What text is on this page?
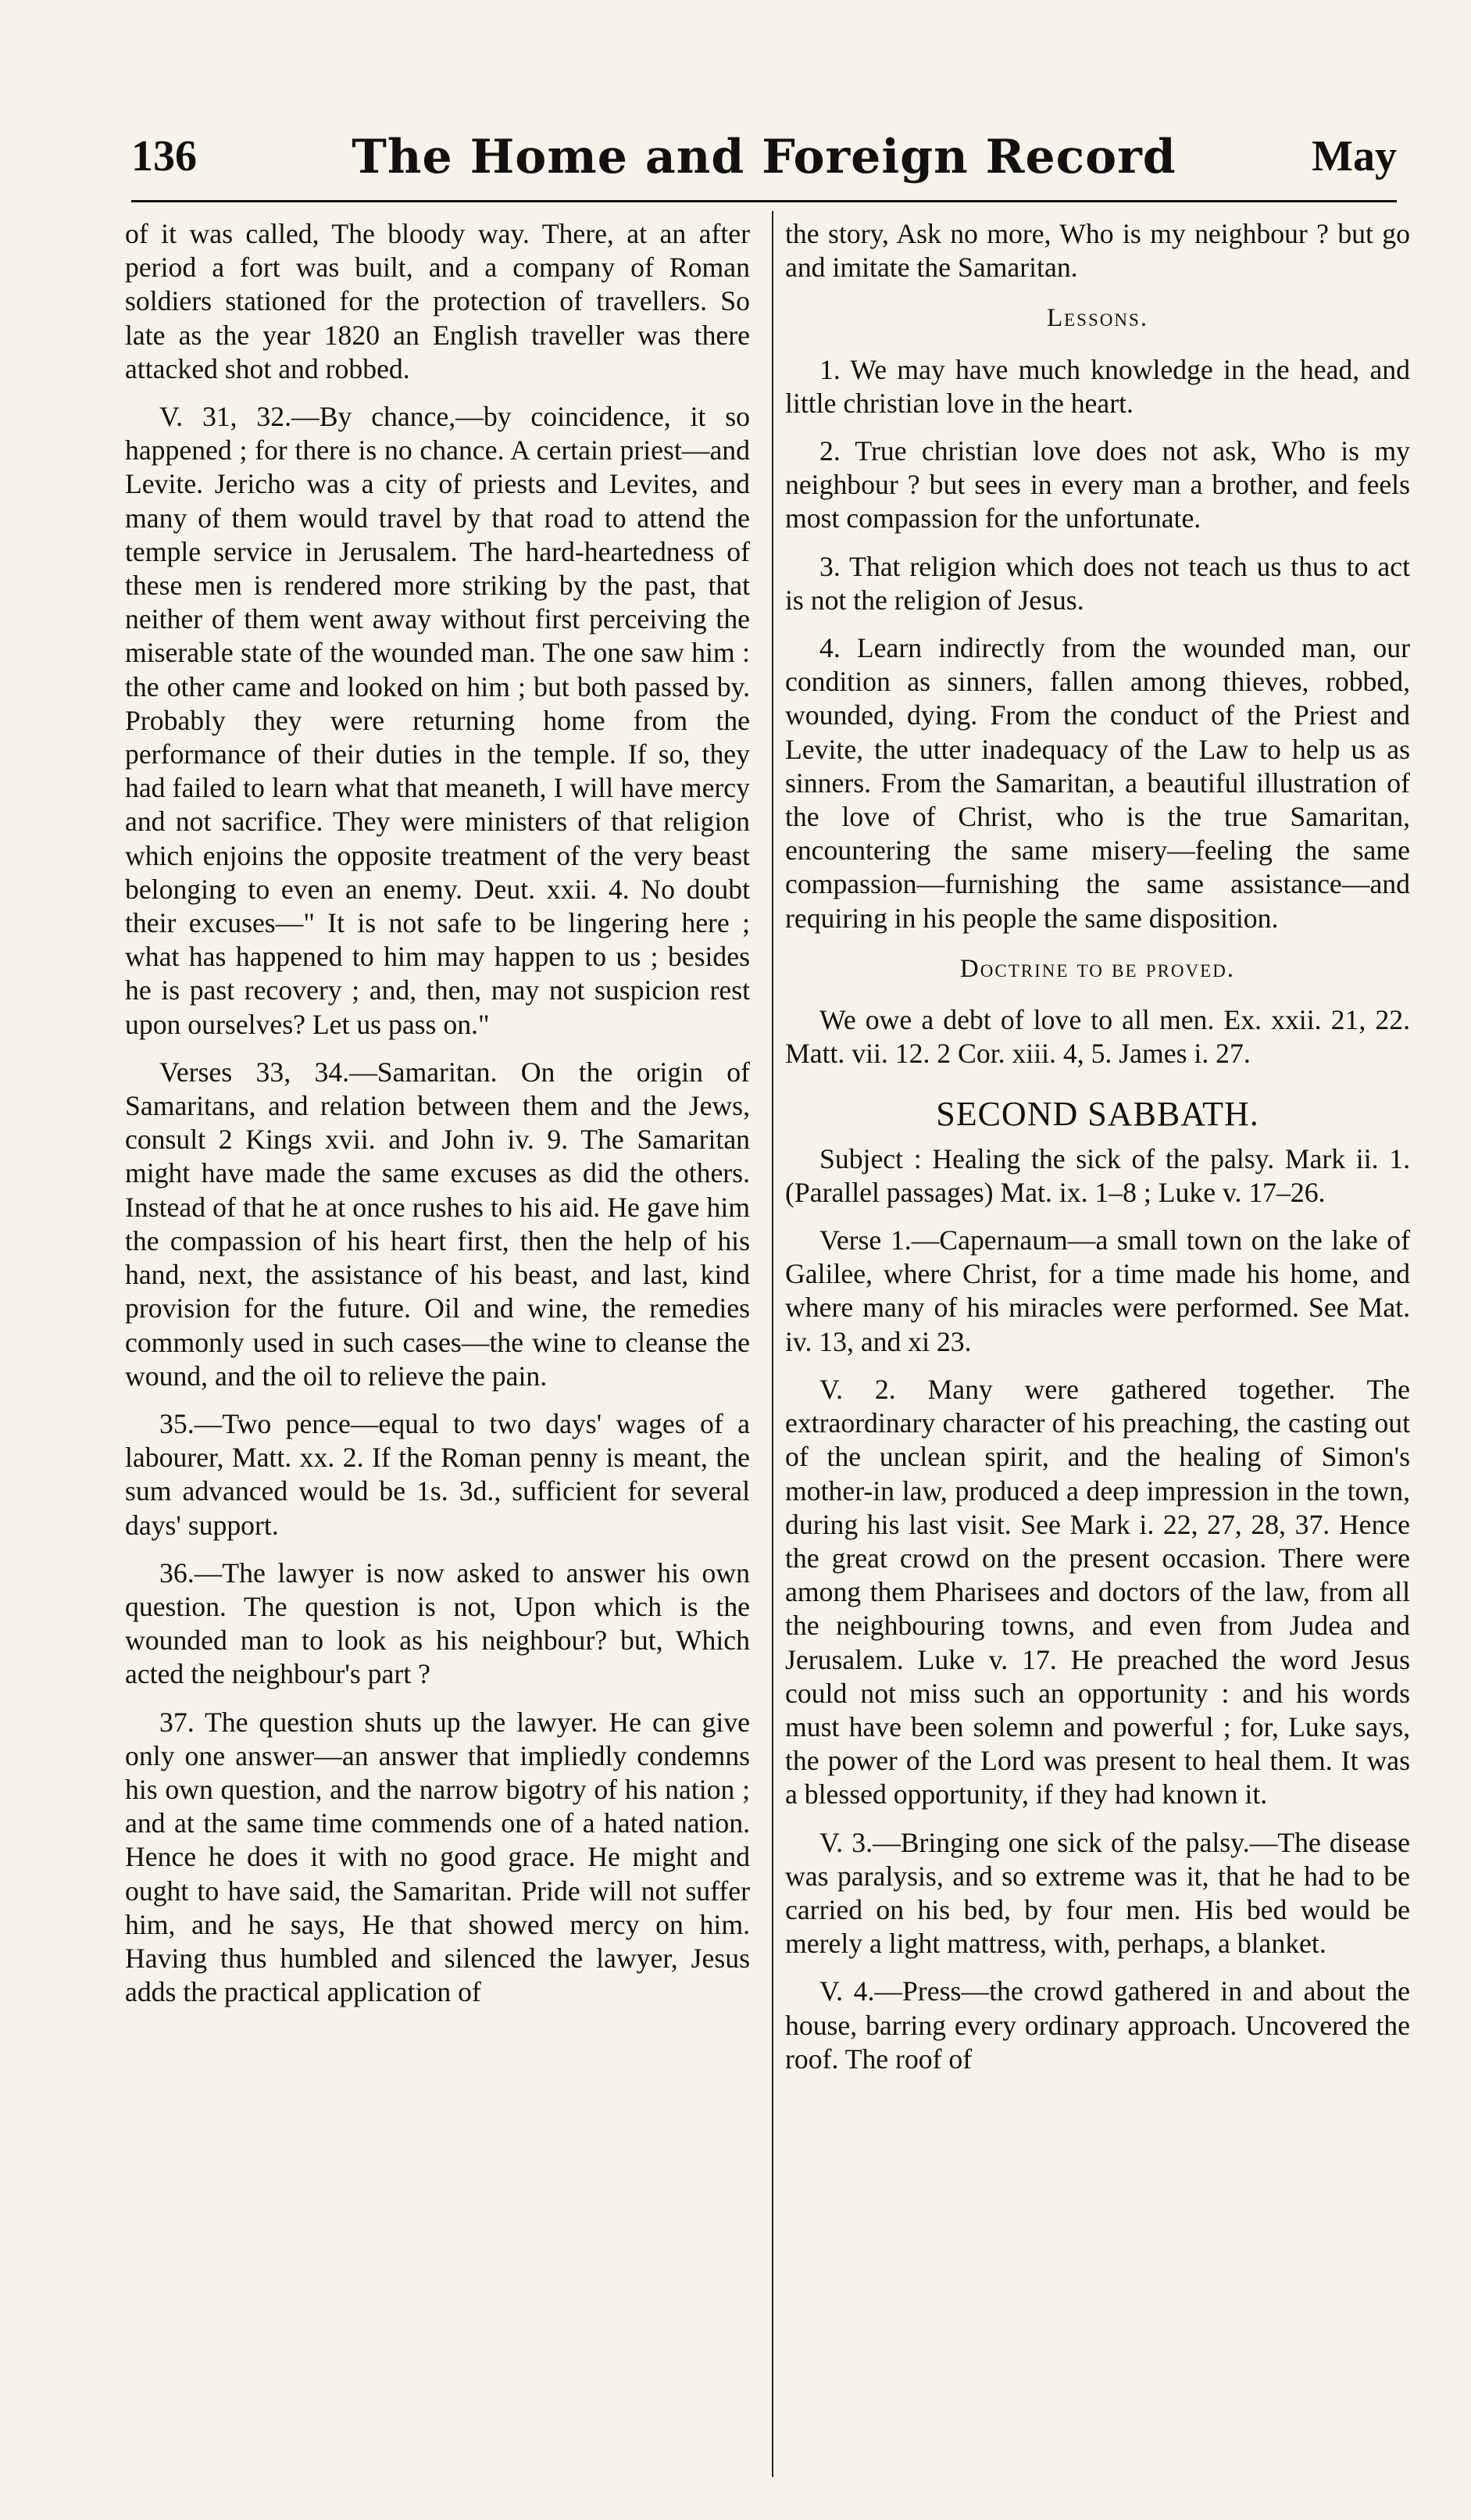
136	The Home and Foreign Record	May

of it was called, The bloody way. There, at an after period a fort was built, and a company of Roman soldiers stationed for the protection of travellers. So late as the year 1820 an English traveller was there attacked shot and robbed.

V. 31, 32.—By chance,—by coincidence, it so happened ; for there is no chance. A certain priest—and Levite. Jericho was a city of priests and Levites, and many of them would travel by that road to attend the temple service in Jerusalem. The hard-heartedness of these men is rendered more striking by the past, that neither of them went away without first perceiving the miserable state of the wounded man. The one saw him : the other came and looked on him ; but both passed by. Probably they were returning home from the performance of their duties in the temple. If so, they had failed to learn what that meaneth, I will have mercy and not sacrifice. They were ministers of that religion which enjoins the opposite treatment of the very beast belonging to even an enemy. Deut. xxii. 4. No doubt their excuses—" It is not safe to be lingering here ; what has happened to him may happen to us ; besides he is past recovery ; and, then, may not suspicion rest upon ourselves? Let us pass on."

Verses 33, 34.—Samaritan. On the origin of Samaritans, and relation between them and the Jews, consult 2 Kings xvii. and John iv. 9. The Samaritan might have made the same excuses as did the others. Instead of that he at once rushes to his aid. He gave him the compassion of his heart first, then the help of his hand, next, the assistance of his beast, and last, kind provision for the future. Oil and wine, the remedies commonly used in such cases—the wine to cleanse the wound, and the oil to relieve the pain.

35.—Two pence—equal to two days' wages of a labourer, Matt. xx. 2. If the Roman penny is meant, the sum advanced would be 1s. 3d., sufficient for several days' support.

36.—The lawyer is now asked to answer his own question. The question is not, Upon which is the wounded man to look as his neighbour? but, Which acted the neighbour's part ?

37. The question shuts up the lawyer. He can give only one answer—an answer that impliedly condemns his own question, and the narrow bigotry of his nation ; and at the same time commends one of a hated nation. Hence he does it with no good grace. He might and ought to have said, the Samaritan. Pride will not suffer him, and he says, He that showed mercy on him. Having thus humbled and silenced the lawyer, Jesus adds the practical application of

the story, Ask no more, Who is my neighbour ? but go and imitate the Samaritan.

Lessons.

1. We may have much knowledge in the head, and little christian love in the heart.

2. True christian love does not ask, Who is my neighbour ? but sees in every man a brother, and feels most compassion for the unfortunate.

3. That religion which does not teach us thus to act is not the religion of Jesus.

4. Learn indirectly from the wounded man, our condition as sinners, fallen among thieves, robbed, wounded, dying. From the conduct of the Priest and Levite, the utter inadequacy of the Law to help us as sinners. From the Samaritan, a beautiful illustration of the love of Christ, who is the true Samaritan, encountering the same misery—feeling the same compassion—furnishing the same assistance—and requiring in his people the same disposition.

Doctrine to be proved.

We owe a debt of love to all men. Ex. xxii. 21, 22. Matt. vii. 12. 2 Cor. xiii. 4, 5. James i. 27.

SECOND SABBATH.

Subject : Healing the sick of the palsy. Mark ii. 1. (Parallel passages) Mat. ix. 1–8 ; Luke v. 17–26.

Verse 1.—Capernaum—a small town on the lake of Galilee, where Christ, for a time made his home, and where many of his miracles were performed. See Mat. iv. 13, and xi 23.

V. 2. Many were gathered together. The extraordinary character of his preaching, the casting out of the unclean spirit, and the healing of Simon's mother-in law, produced a deep impression in the town, during his last visit. See Mark i. 22, 27, 28, 37. Hence the great crowd on the present occasion. There were among them Pharisees and doctors of the law, from all the neighbouring towns, and even from Judea and Jerusalem. Luke v. 17. He preached the word Jesus could not miss such an opportunity : and his words must have been solemn and powerful ; for, Luke says, the power of the Lord was present to heal them. It was a blessed opportunity, if they had known it.

V. 3.—Bringing one sick of the palsy.—The disease was paralysis, and so extreme was it, that he had to be carried on his bed, by four men. His bed would be merely a light mattress, with, perhaps, a blanket.

V. 4.—Press—the crowd gathered in and about the house, barring every ordinary approach. Uncovered the roof. The roof of
